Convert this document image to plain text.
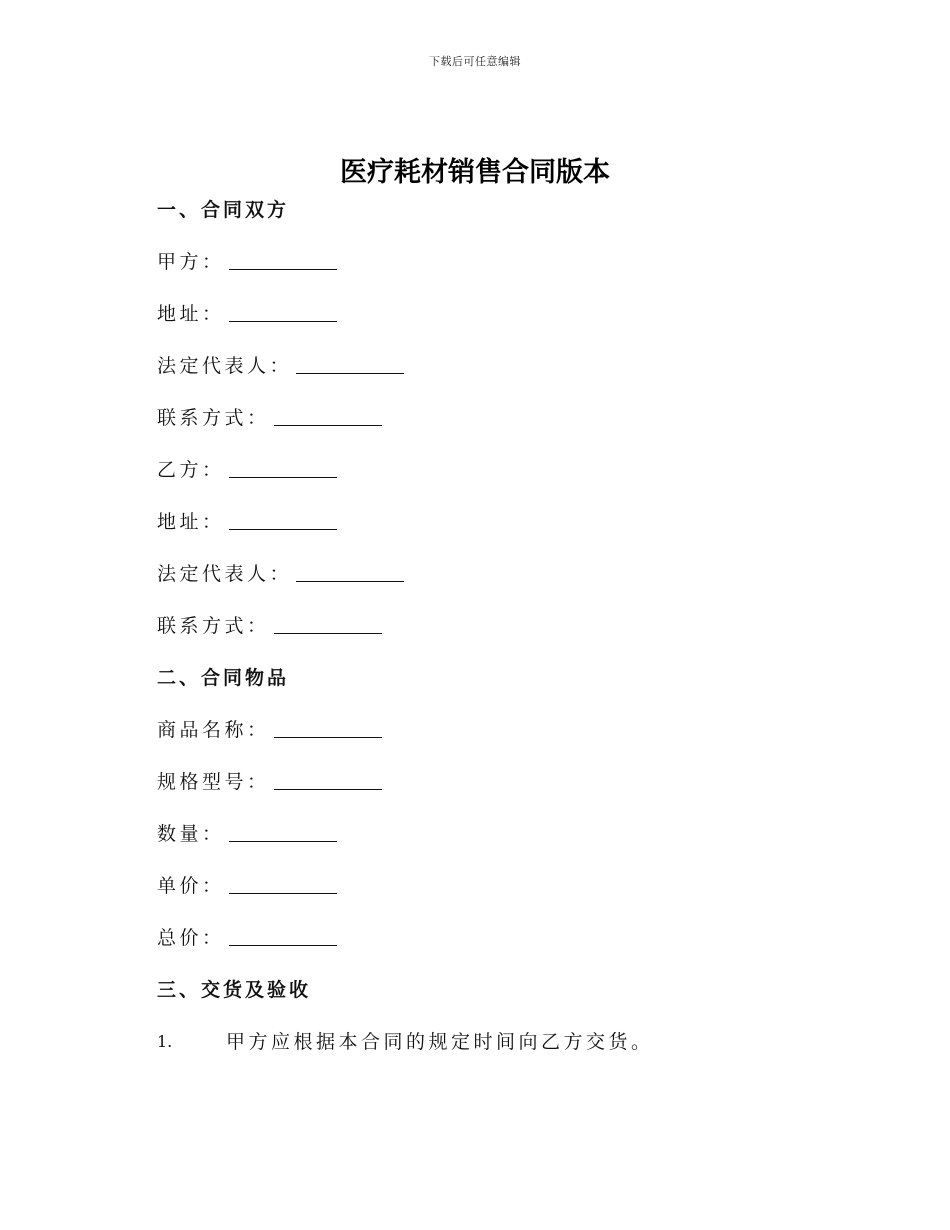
下载后可任意编辑
医疗耗材销售合同版本
一、合同双方
甲方：
地址：
法定代表人：
联系方式：
乙方：
地址：
法定代表人：
联系方式：
二、合同物品
商品名称：
规格型号：
数量：
单价：
总价：
三、交货及验收
1.	甲方应根据本合同的规定时间向乙方交货。
